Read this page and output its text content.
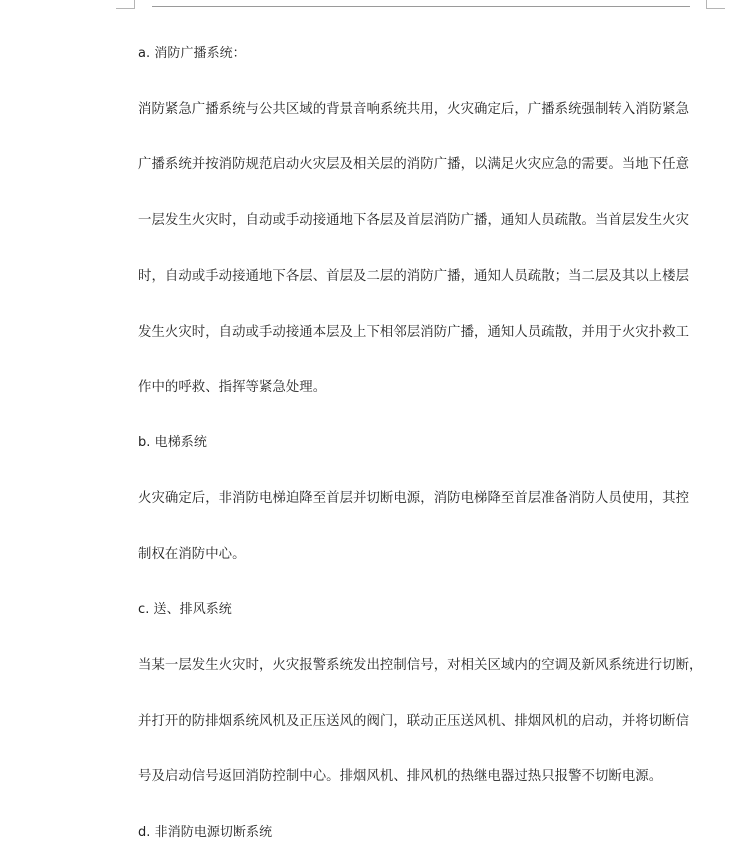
a. 消防广播系统：
消防紧急广播系统与公共区域的背景音响系统共用，火灾确定后，广播系统强制转入消防紧急
广播系统并按消防规范启动火灾层及相关层的消防广播，以满足火灾应急的需要。当地下任意
一层发生火灾时，自动或手动接通地下各层及首层消防广播，通知人员疏散。当首层发生火灾
时，自动或手动接通地下各层、首层及二层的消防广播，通知人员疏散；当二层及其以上楼层
发生火灾时，自动或手动接通本层及上下相邻层消防广播，通知人员疏散，并用于火灾扑救工
作中的呼救、指挥等紧急处理。
b. 电梯系统
火灾确定后，非消防电梯迫降至首层并切断电源，消防电梯降至首层准备消防人员使用，其控
制权在消防中心。
c. 送、排风系统
当某一层发生火灾时，火灾报警系统发出控制信号，对相关区域内的空调及新风系统进行切断，
并打开的防排烟系统风机及正压送风的阀门，联动正压送风机、排烟风机的启动，并将切断信
号及启动信号返回消防控制中心。排烟风机、排风机的热继电器过热只报警不切断电源。
d. 非消防电源切断系统
